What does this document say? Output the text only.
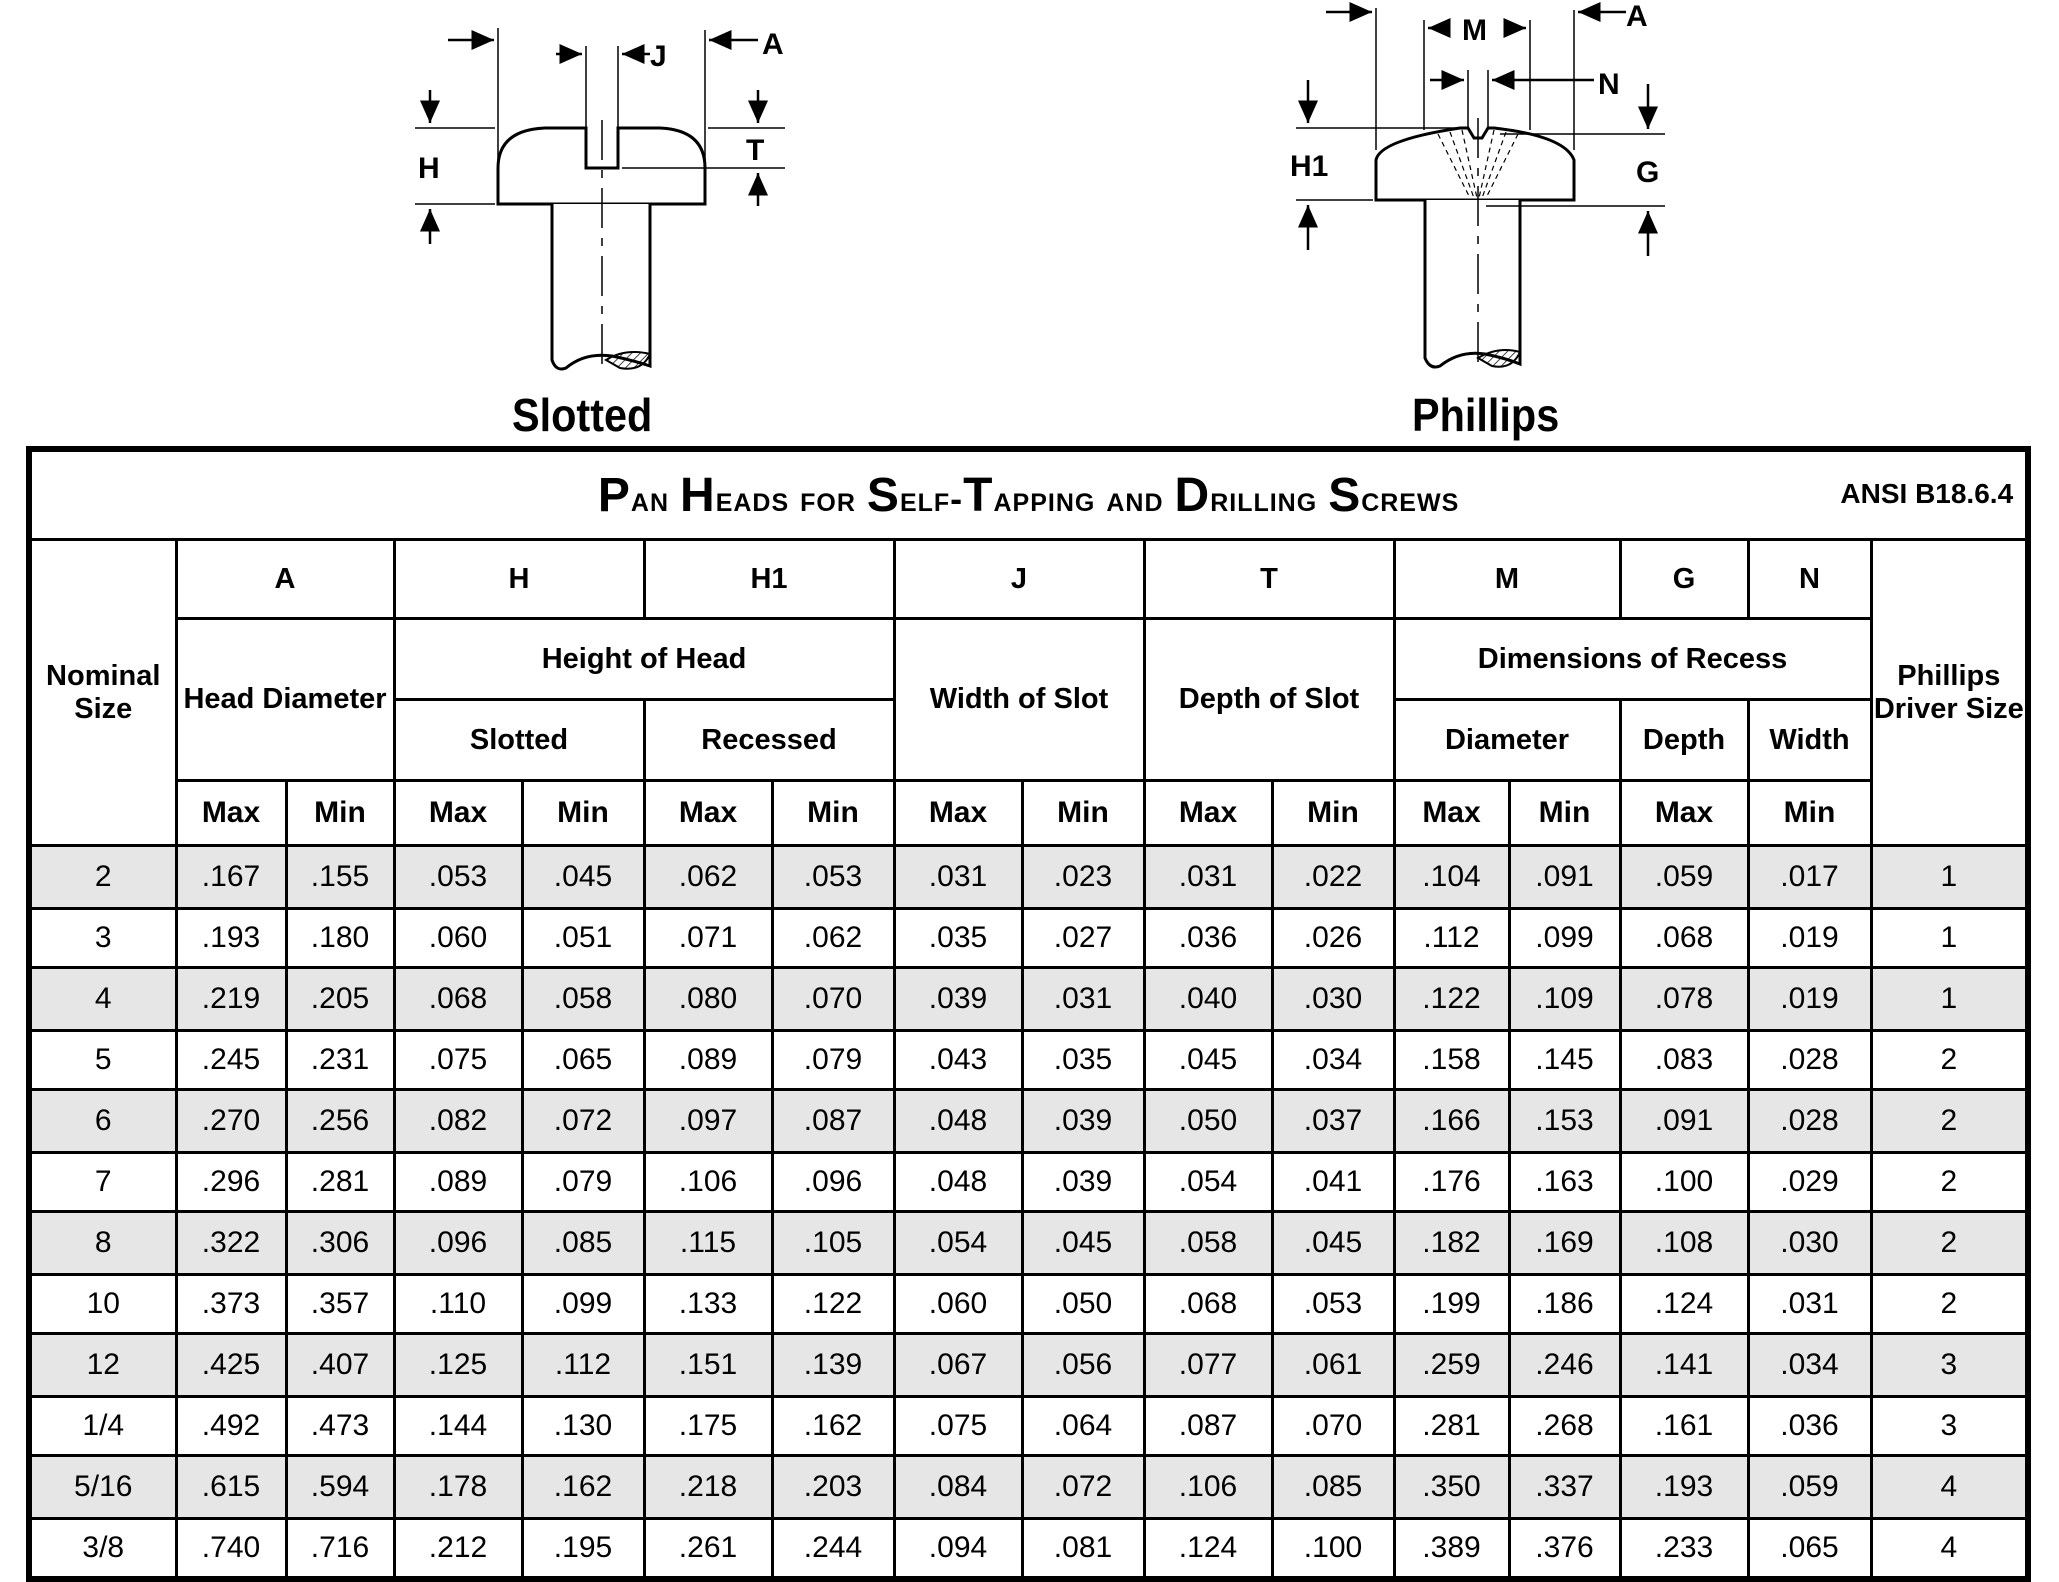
A
J
H
T
A
M
N
H1	G
Slotted	Phillips
Pan Heads for Self-Tapping and Drilling Screws ANSI B18.6.4															

Nominal Size	A		H		H1		J		T		M		G	N	Phillips Driver Size
	Head Diameter		Height of Head				Width of Slot		Depth of Slot		Dimensions of Recess				
			Slotted		Recessed						Diameter		Depth	Width	
	Max	Min	Max	Min	Max	Min	Max	Min	Max	Min	Max	Min	Max	Min	
2	.167	.155	.053	.045	.062	.053	.031	.023	.031	.022	.104	.091	.059	.017	1
3	.193	.180	.060	.051	.071	.062	.035	.027	.036	.026	.112	.099	.068	.019	1
4	.219	.205	.068	.058	.080	.070	.039	.031	.040	.030	.122	.109	.078	.019	1
5	.245	.231	.075	.065	.089	.079	.043	.035	.045	.034	.158	.145	.083	.028	2
6	.270	.256	.082	.072	.097	.087	.048	.039	.050	.037	.166	.153	.091	.028	2
7	.296	.281	.089	.079	.106	.096	.048	.039	.054	.041	.176	.163	.100	.029	2
8	.322	.306	.096	.085	.115	.105	.054	.045	.058	.045	.182	.169	.108	.030	2
10	.373	.357	.110	.099	.133	.122	.060	.050	.068	.053	.199	.186	.124	.031	2
12	.425	.407	.125	.112	.151	.139	.067	.056	.077	.061	.259	.246	.141	.034	3
1/4	.492	.473	.144	.130	.175	.162	.075	.064	.087	.070	.281	.268	.161	.036	3
5/16	.615	.594	.178	.162	.218	.203	.084	.072	.106	.085	.350	.337	.193	.059	4
3/8	.740	.716	.212	.195	.261	.244	.094	.081	.124	.100	.389	.376	.233	.065	4
